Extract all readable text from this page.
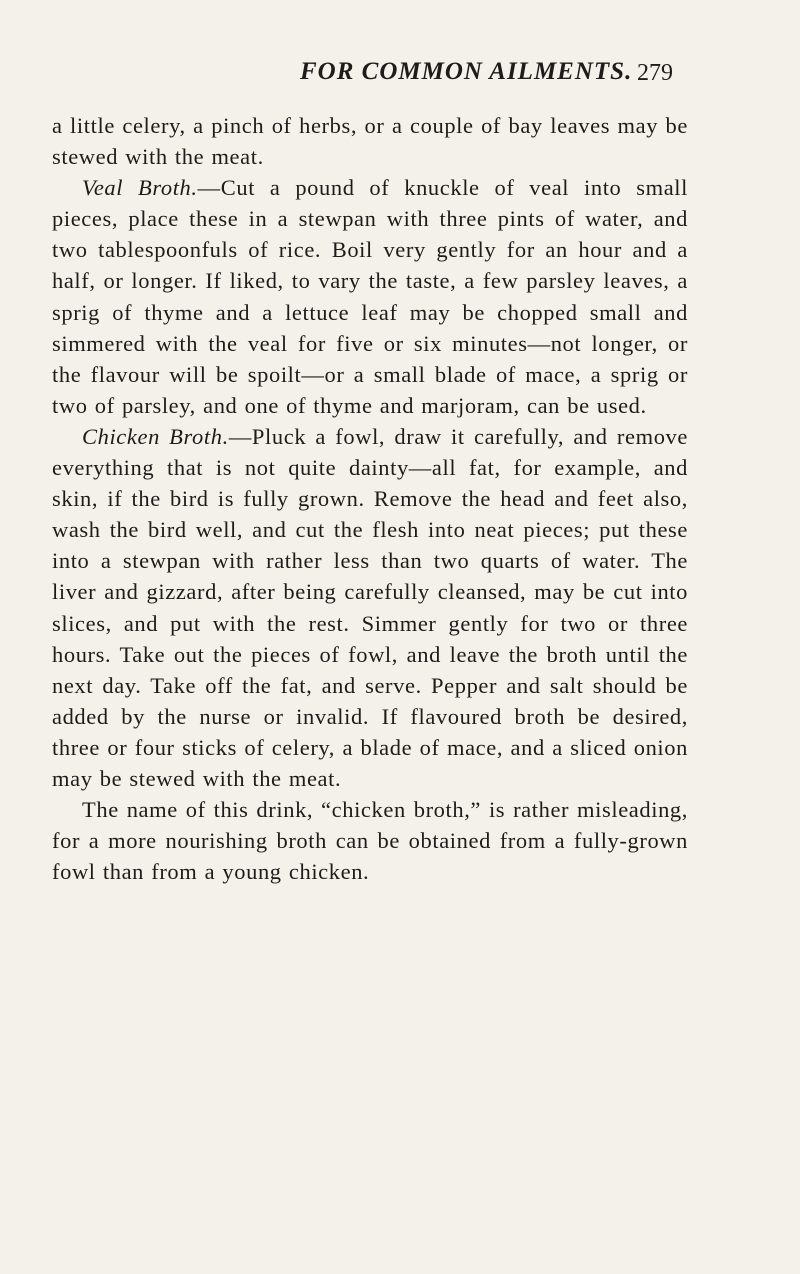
FOR COMMON AILMENTS. 279

a little celery, a pinch of herbs, or a couple of bay leaves may be stewed with the meat.

Veal Broth.—Cut a pound of knuckle of veal into small pieces, place these in a stewpan with three pints of water, and two tablespoonfuls of rice. Boil very gently for an hour and a half, or longer. If liked, to vary the taste, a few parsley leaves, a sprig of thyme and a lettuce leaf may be chopped small and simmered with the veal for five or six minutes—not longer, or the flavour will be spoilt—or a small blade of mace, a sprig or two of parsley, and one of thyme and marjoram, can be used.

Chicken Broth.—Pluck a fowl, draw it carefully, and remove everything that is not quite dainty—all fat, for example, and skin, if the bird is fully grown. Remove the head and feet also, wash the bird well, and cut the flesh into neat pieces; put these into a stewpan with rather less than two quarts of water. The liver and gizzard, after being carefully cleansed, may be cut into slices, and put with the rest. Simmer gently for two or three hours. Take out the pieces of fowl, and leave the broth until the next day. Take off the fat, and serve. Pepper and salt should be added by the nurse or invalid. If flavoured broth be desired, three or four sticks of celery, a blade of mace, and a sliced onion may be stewed with the meat.

The name of this drink, “chicken broth,” is rather misleading, for a more nourishing broth can be obtained from a fully-grown fowl than from a young chicken.
